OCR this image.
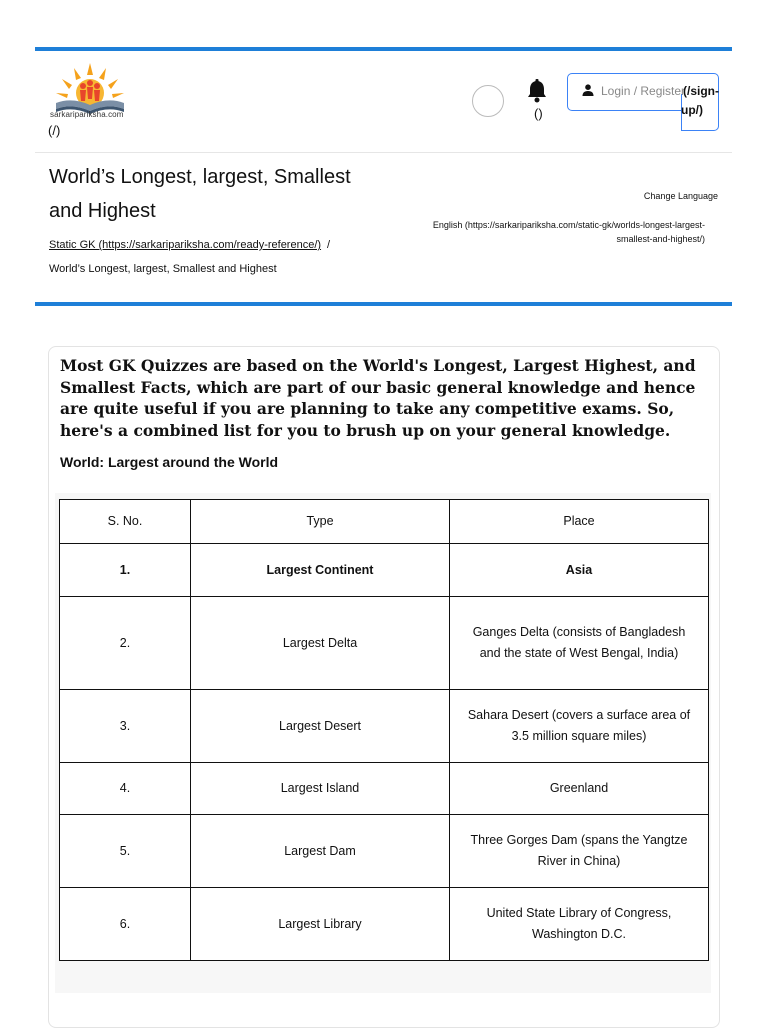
sarkaripariksha.com
(/)
()
Login / Register
(/sign-
up/)
World’s Longest, largest, Smallest and Highest
Change Language
English (https://sarkaripariksha.com/static-gk/worlds-longest-largest-smallest-and-highest/)
Static GK (https://sarkaripariksha.com/ready-reference/) /
World’s Longest, largest, Smallest and Highest

Most GK Quizzes are based on the World's Longest, Largest Highest, and Smallest Facts, which are part of our basic general knowledge and hence are quite useful if you are planning to take any competitive exams. So, here's a combined list for you to brush up on your general knowledge.

World: Largest around the World
S. No.	Type	Place
1.	Largest Continent	Asia
2.	Largest Delta	Ganges Delta (consists of Bangladesh and the state of West Bengal, India)
3.	Largest Desert	Sahara Desert (covers a surface area of 3.5 million square miles)
4.	Largest Island	Greenland
5.	Largest Dam	Three Gorges Dam (spans the Yangtze River in China)
6.	Largest Library	United State Library of Congress, Washington D.C.
